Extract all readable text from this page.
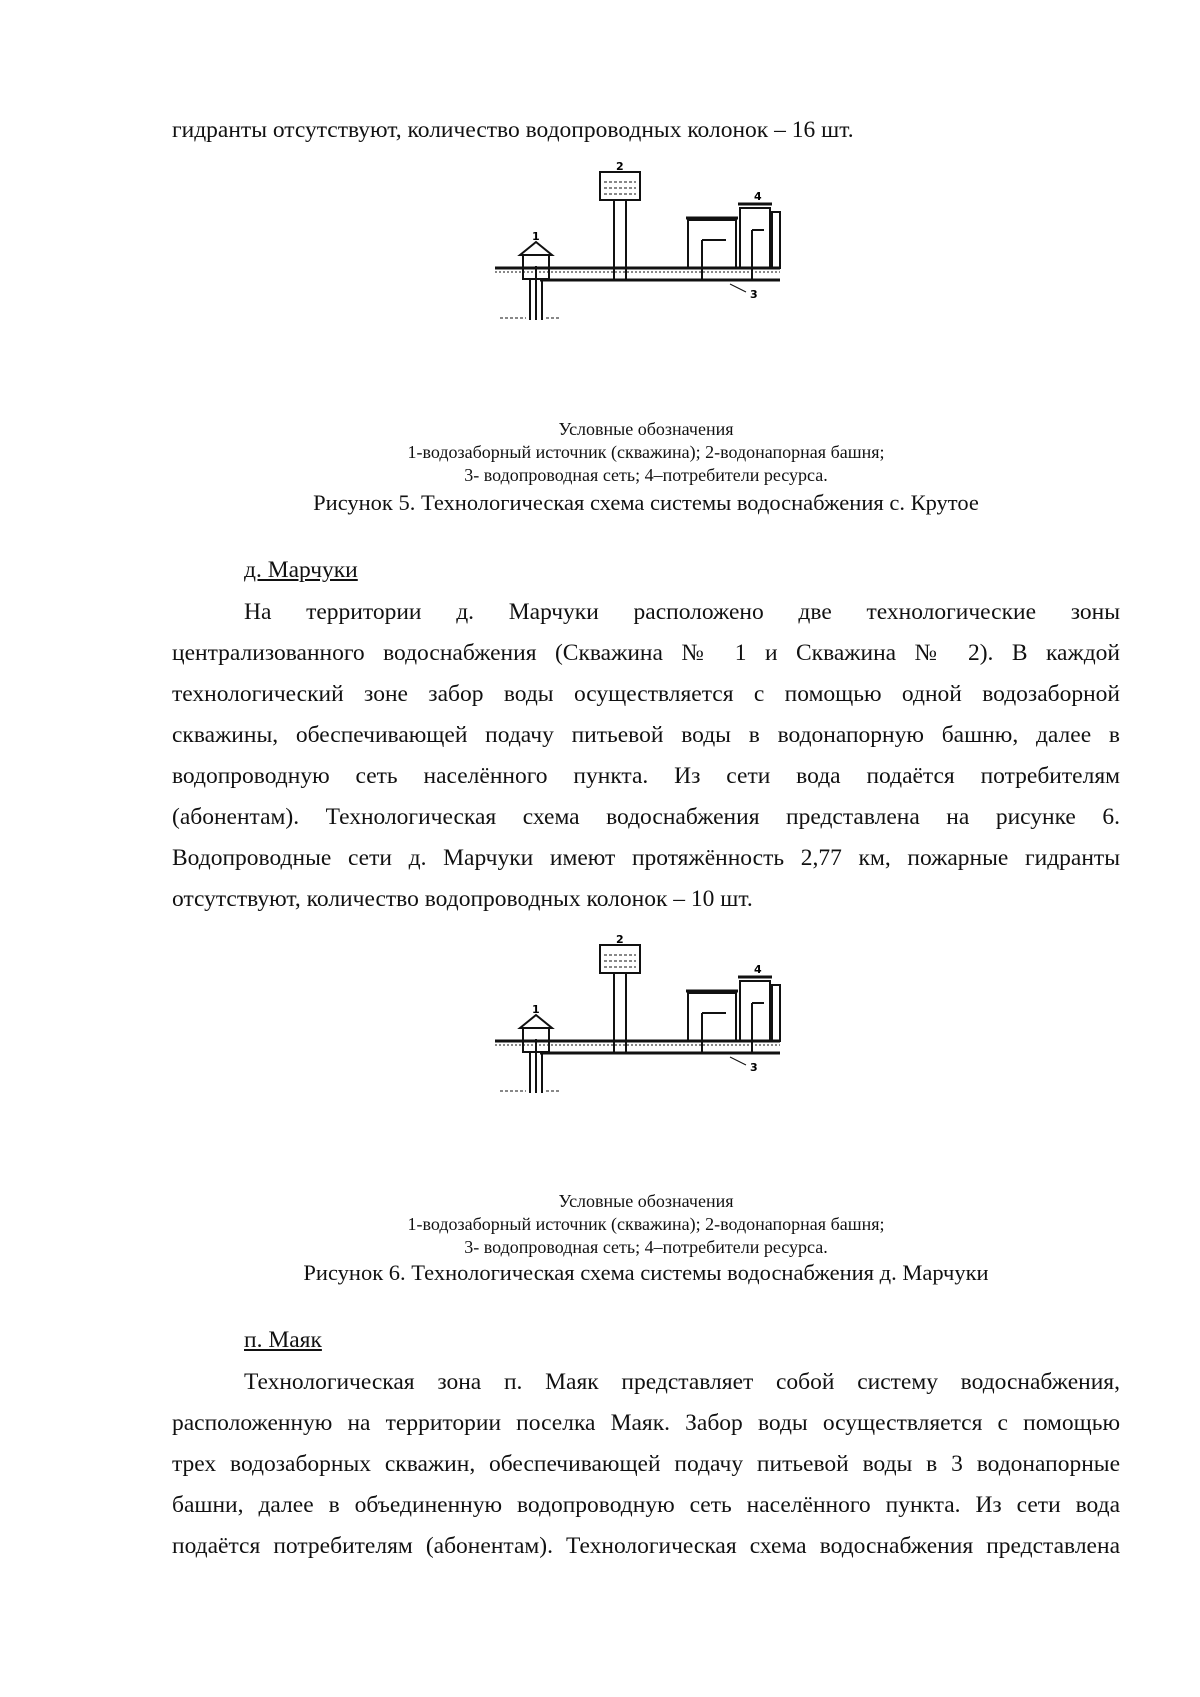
гидранты отсутствуют, количество водопроводных колонок – 16 шт.
1
2
3
4
Условные обозначения
1-водозаборный источник (скважина); 2-водонапорная башня;
3- водопроводная сеть; 4–потребители ресурса.
Рисунок 5. Технологическая схема системы водоснабжения с. Крутое
д. Марчуки
На территории д. Марчуки расположено две технологические зоны
централизованного водоснабжения (Скважина № 1 и Скважина № 2). В каждой
технологический зоне забор воды осуществляется с помощью одной водозаборной
скважины, обеспечивающей подачу питьевой воды в водонапорную башню, далее в
водопроводную сеть населённого пункта. Из сети вода подаётся потребителям
(абонентам). Технологическая схема водоснабжения представлена на рисунке 6.
Водопроводные сети д. Марчуки имеют протяжённость 2,77 км, пожарные гидранты
отсутствуют, количество водопроводных колонок – 10 шт.
1
2
3
4
Условные обозначения
1-водозаборный источник (скважина); 2-водонапорная башня;
3- водопроводная сеть; 4–потребители ресурса.
Рисунок 6. Технологическая схема системы водоснабжения д. Марчуки
п. Маяк
Технологическая зона п. Маяк представляет собой систему водоснабжения,
расположенную на территории поселка Маяк. Забор воды осуществляется с помощью
трех водозаборных скважин, обеспечивающей подачу питьевой воды в 3 водонапорные
башни, далее в объединенную водопроводную сеть населённого пункта. Из сети вода
подаётся потребителям (абонентам). Технологическая схема водоснабжения представлена
